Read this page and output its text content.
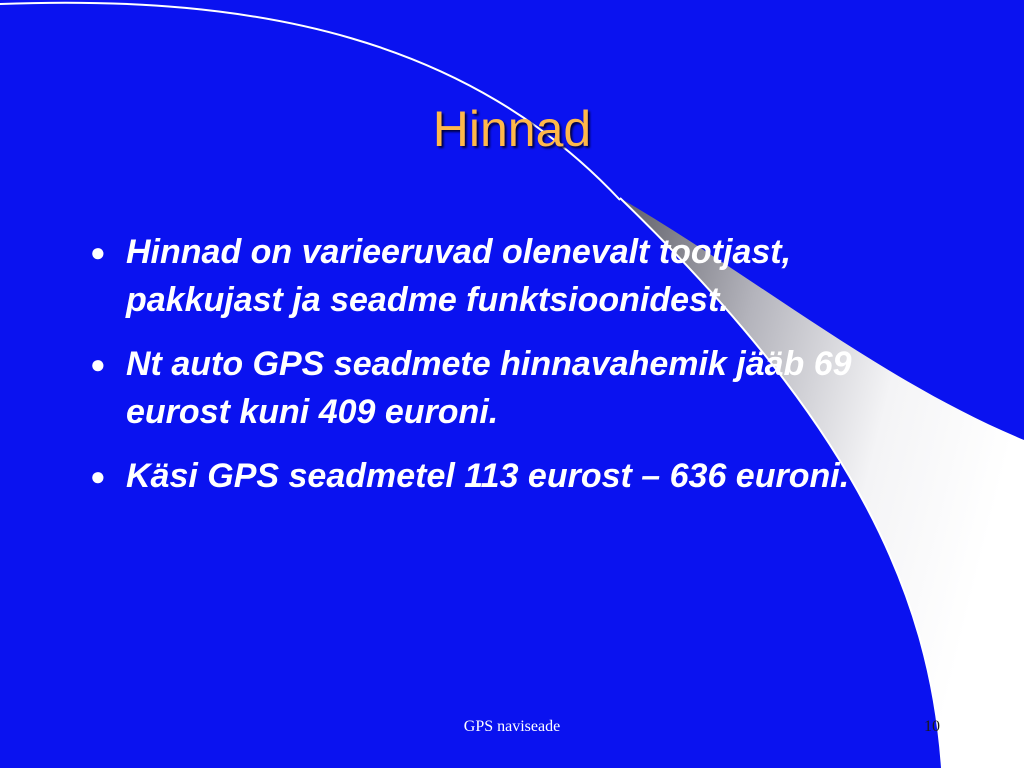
Hinnad
● Hinnad on varieeruvad olenevalt tootjast, pakkujast ja seadme funktsioonidest.
● Nt auto GPS seadmete hinnavahemik jääb 69 eurost kuni 409 euroni.
● Käsi GPS seadmetel 113 eurost – 636 euroni.
GPS naviseade	10
